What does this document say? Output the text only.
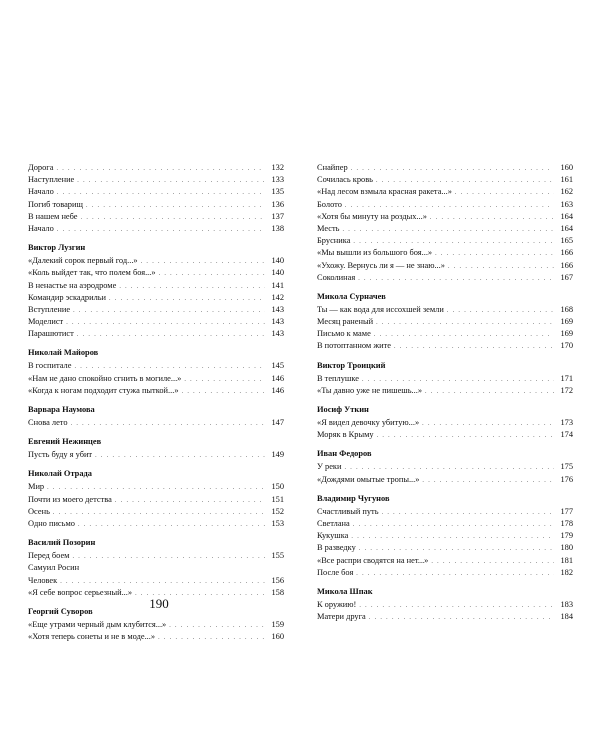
Дорога . . .	132
Наступление . . .	133
Начало . . .	135
Погиб товарищ . . .	136
В нашем небе . . .	137
Начало . . .	138
Виктор Лузгин
«Далекий сорок первый год...» . . .	140
«Коль выйдет так, что полем боя...» . . .	140
В ненастье на аэродроме . . .	141
Командир эскадрильи . . .	142
Вступление . . .	143
Моделист . . .	143
Парашютист . . .	143
Николай Майоров
В госпитале . . .	145
«Нам не дано спокойно сгнить в могиле...» . . .	146
«Когда к ногам подходит стужа пыткой...» . . .	146
Варвара Наумова
Снова лето . . .	147
Евгений Нежинцев
Пусть буду я убит . . .	149
Николай Отрада
Мир . . .	150
Почти из моего детства . . .	151
Осень . . .	152
Одно письмо . . .	153
Василий Позорин
Перед боем . . .	155
Самуил Росин
Человек . . .	156
«Я себе вопрос серьезный...» . . .	158
Георгий Суворов
«Еще утрами черный дым клубится...» . . .	159
«Хотя теперь сонеты и не в моде...» . . .	160
Снайпер . . .	160
Сочилась кровь . . .	161
«Над лесом взмыла красная ракета...» . . .	162
Болото . . .	163
«Хотя бы минуту на роздых...» . . .	164
Месть . . .	164
Брусника . . .	165
«Мы вышли из большого боя...» . . .	166
«Ухожу. Вернусь ли я — не знаю...» . . .	166
Соколиная . . .	167
Микола Сурначев
Ты — как вода для иссохшей земли . . .	168
Месяц раненый . . .	169
Письмо к маме . . .	169
В потоптанном жите . . .	170
Виктор Троицкий
В теплушке . . .	171
«Ты давно уже не пишешь...» . . .	172
Иосиф Уткин
«Я видел девочку убитую...» . . .	173
Моряк в Крыму . . .	174
Иван Федоров
У реки . . .	175
«Дождями омытые тропы...» . . .	176
Владимир Чугунов
Счастливый путь . . .	177
Светлана . . .	178
Кукушка . . .	179
В разведку . . .	180
«Все распри сводятся на нет...» . . .	181
После боя . . .	182
Микола Шпак
К оружию! . . .	183
Матери друга . . .	184
190
